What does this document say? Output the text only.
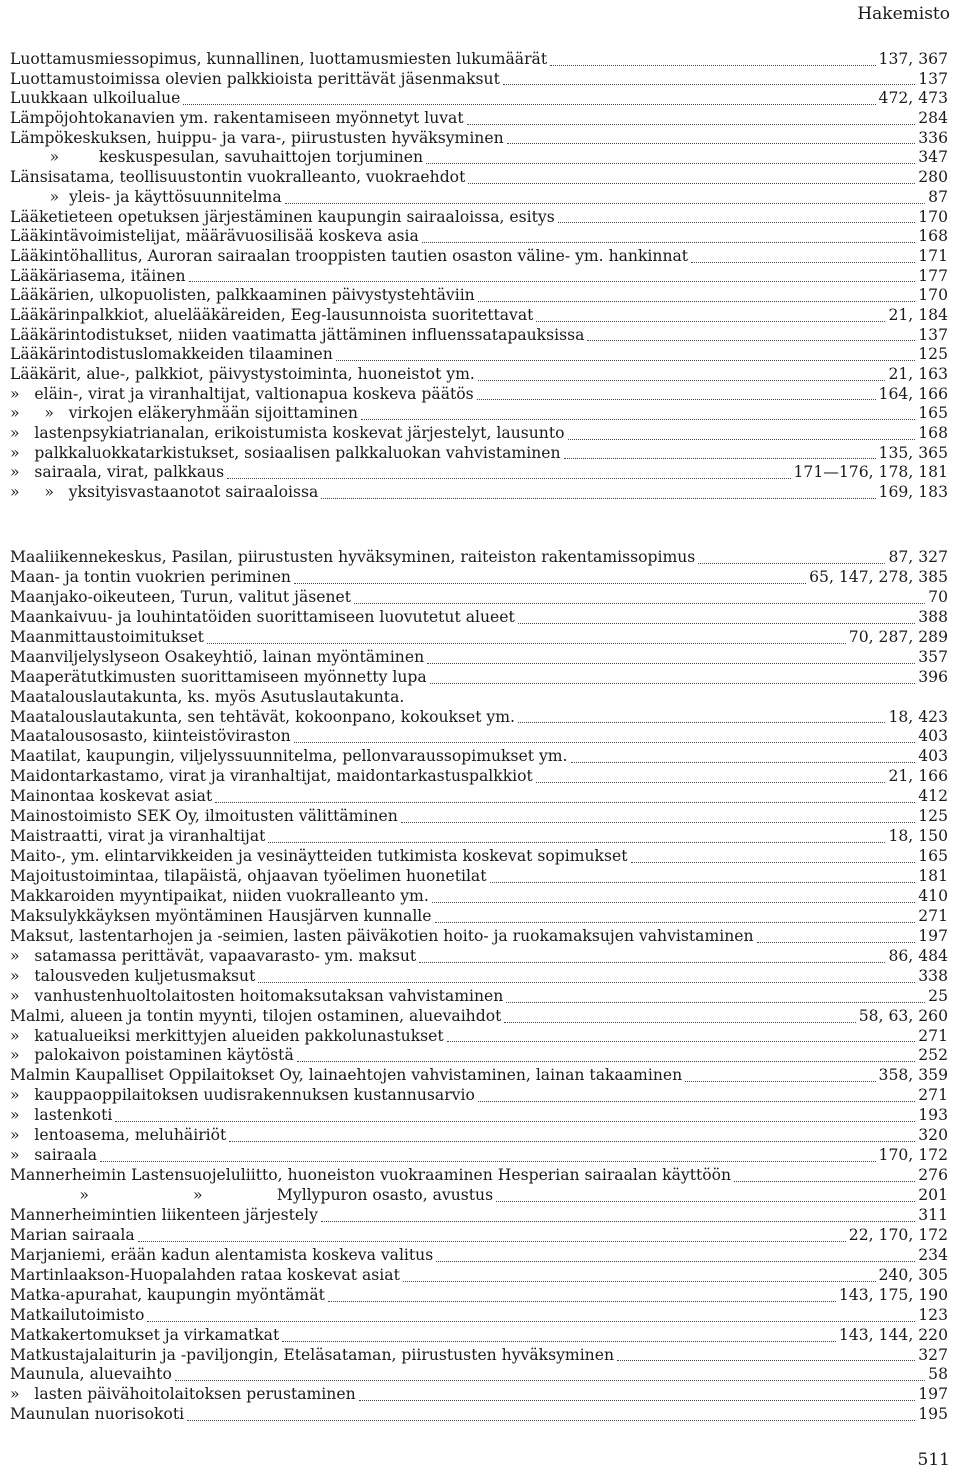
Hakemisto
Luottamusmiessopimus, kunnallinen, luottamusmiesten lukumäärät	137, 367
Luottamustoimissa olevien palkkioista perittävät jäsenmaksut	137
Luukkaan ulkoilualue	472, 473
Lämpöjohtokanavien ym. rakentamiseen myönnetyt luvat	284
Lämpökeskuksen, huippu- ja vara-, piirustusten hyväksyminen	336
»        keskuspesulan, savuhaittojen torjuminen	347
Länsisatama, teollisuustontin vuokralleanto, vuokraehdot	280
»  yleis- ja käyttösuunnitelma	87
Lääketieteen opetuksen järjestäminen kaupungin sairaaloissa, esitys	170
Lääkintävoimistelijat, määrävuosilisää koskeva asia	168
Lääkintöhallitus, Auroran sairaalan trooppisten tautien osaston väline- ym. hankinnat	171
Lääkäriasema, itäinen	177
Lääkärien, ulkopuolisten, palkkaaminen päivystystehtäviin	170
Lääkärinpalkkiot, aluelääkäreiden, Eeg-lausunnoista suoritettavat	21, 184
Lääkärintodistukset, niiden vaatimatta jättäminen influenssatapauksissa	137
Lääkärintodistuslomakkeiden tilaaminen	125
Lääkärit, alue-, palkkiot, päivystystoiminta, huoneistot ym.	21, 163
»   eläin-, virat ja viranhaltijat, valtionapua koskeva päätös	164, 166
»     »   virkojen eläkeryhmään sijoittaminen	165
»   lastenpsykiatrianalan, erikoistumista koskevat järjestelyt, lausunto	168
»   palkkaluokkatarkistukset, sosiaalisen palkkaluokan vahvistaminen	135, 365
»   sairaala, virat, palkkaus	171—176, 178, 181
»     »   yksityisvastaanotot sairaaloissa	169, 183
Maaliikennekeskus, Pasilan, piirustusten hyväksyminen, raiteiston rakentamissopimus	87, 327
Maan- ja tontin vuokrien periminen	65, 147, 278, 385
Maanjako-oikeuteen, Turun, valitut jäsenet	70
Maankaivuu- ja louhintatöiden suorittamiseen luovutetut alueet	388
Maanmittaustoimitukset	70, 287, 289
Maanviljelyslyseon Osakeyhtiö, lainan myöntäminen	357
Maaperätutkimusten suorittamiseen myönnetty lupa	396
Maatalouslautakunta, ks. myös Asutuslautakunta.
Maatalouslautakunta, sen tehtävät, kokoonpano, kokoukset ym.	18, 423
Maatalousosasto, kiinteistöviraston	403
Maatilat, kaupungin, viljelyssuunnitelma, pellonvaraussopimukset ym.	403
Maidontarkastamo, virat ja viranhaltijat, maidontarkastuspalkkiot	21, 166
Mainontaa koskevat asiat	412
Mainostoimisto SEK Oy, ilmoitusten välittäminen	125
Maistraatti, virat ja viranhaltijat	18, 150
Maito-, ym. elintarvikkeiden ja vesinäytteiden tutkimista koskevat sopimukset	165
Majoitustoimintaa, tilapäistä, ohjaavan työelimen huonetilat	181
Makkaroiden myyntipaikat, niiden vuokralleanto ym.	410
Maksulykkäyksen myöntäminen Hausjärven kunnalle	271
Maksut, lastentarhojen ja -seimien, lasten päiväkotien hoito- ja ruokamaksujen vahvistaminen	197
»   satamassa perittävät, vapaavarasto- ym. maksut	86, 484
»   talousveden kuljetusmaksut	338
»   vanhustenhuoltolaitosten hoitomaksutaksan vahvistaminen	25
Malmi, alueen ja tontin myynti, tilojen ostaminen, aluevaihdot	58, 63, 260
»   katualueiksi merkittyjen alueiden pakkolunastukset	271
»   palokaivon poistaminen käytöstä	252
Malmin Kaupalliset Oppilaitokset Oy, lainaehtojen vahvistaminen, lainan takaaminen	358, 359
»   kauppaoppilaitoksen uudisrakennuksen kustannusarvio	271
»   lastenkoti	193
»   lentoasema, meluhäiriöt	320
»   sairaala	170, 172
Mannerheimin Lastensuojeluliitto, huoneiston vuokraaminen Hesperian sairaalan käyttöön	276
»                     »               Myllypuron osasto, avustus	201
Mannerheimintien liikenteen järjestely	311
Marian sairaala	22, 170, 172
Marjaniemi, erään kadun alentamista koskeva valitus	234
Martinlaakson-Huopalahden rataa koskevat asiat	240, 305
Matka-apurahat, kaupungin myöntämät	143, 175, 190
Matkailutoimisto	123
Matkakertomukset ja virkamatkat	143, 144, 220
Matkustajalaiturin ja -paviljongin, Eteläsataman, piirustusten hyväksyminen	327
Maunula, aluevaihto	58
»   lasten päivähoitolaitoksen perustaminen	197
Maunulan nuorisokoti	195
511
